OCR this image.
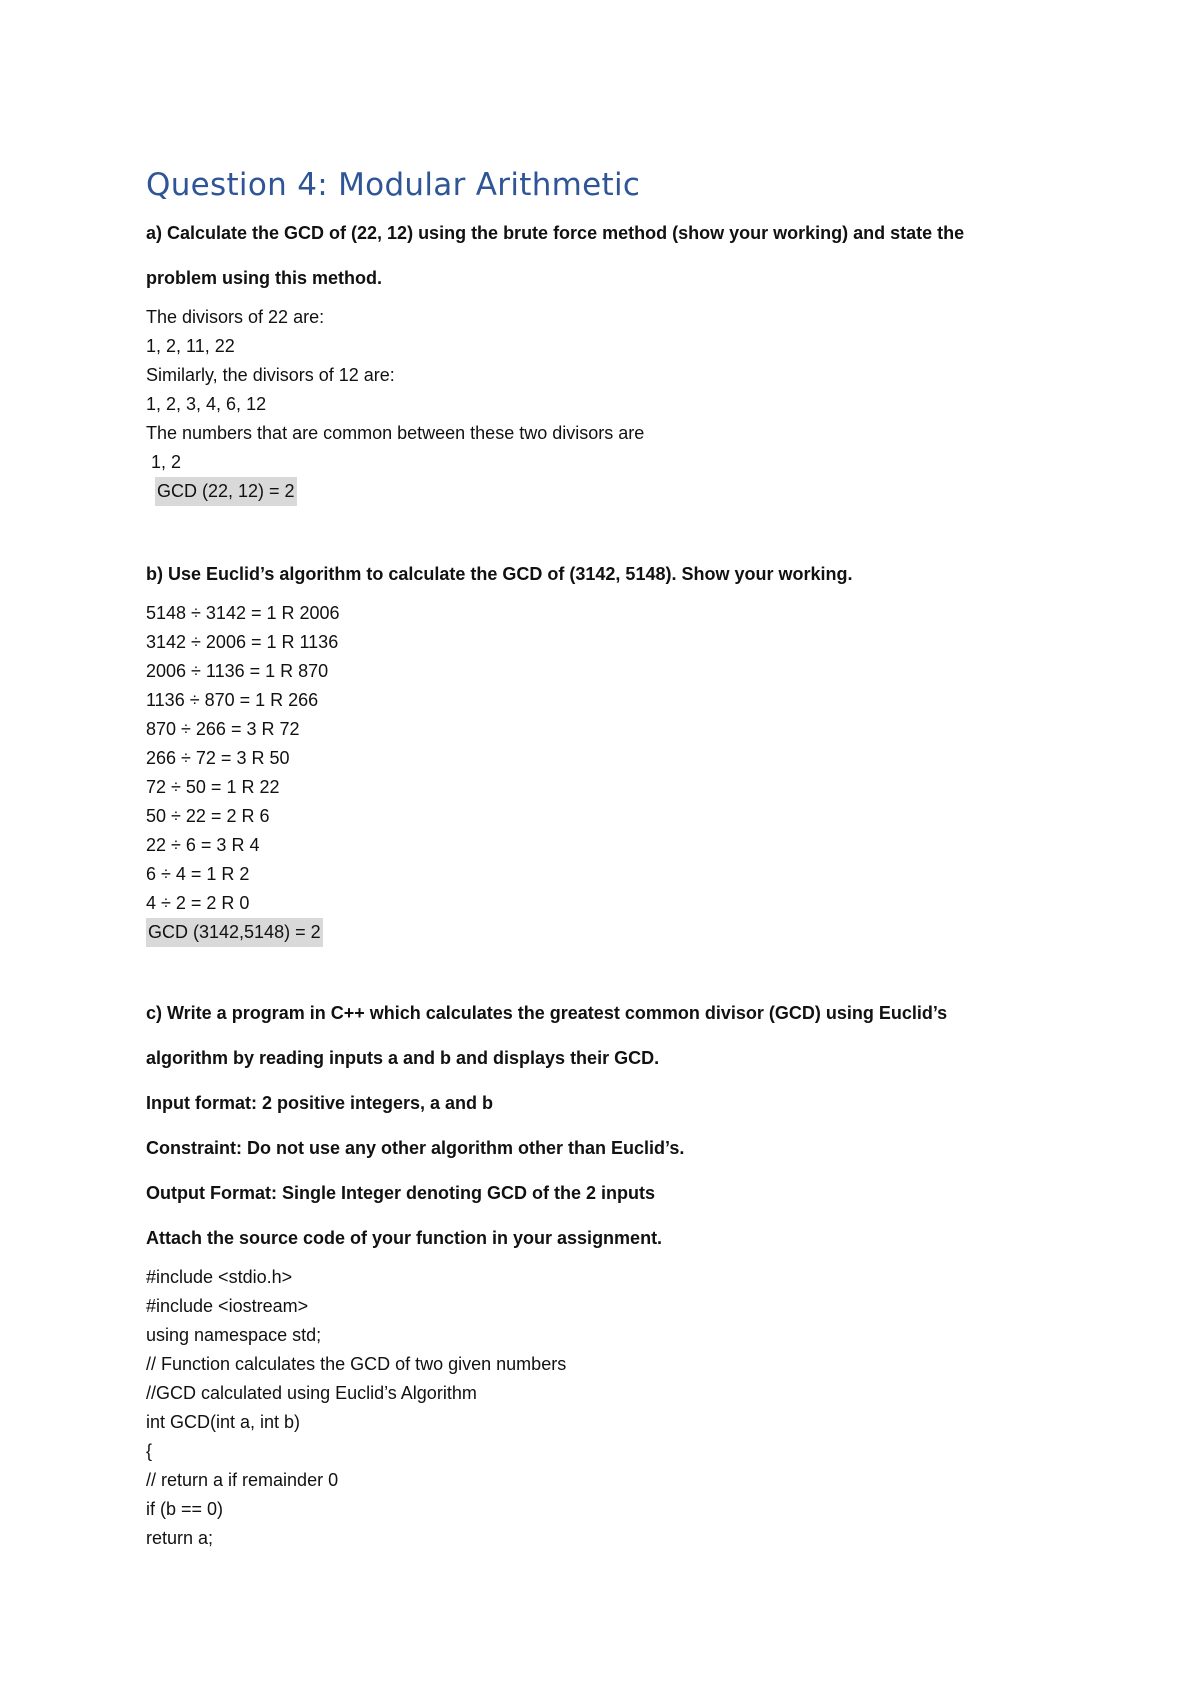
Question 4: Modular Arithmetic

a) Calculate the GCD of (22, 12) using the brute force method (show your working) and state the

problem using this method.

The divisors of 22 are:

1, 2, 11, 22

Similarly, the divisors of 12 are:

1, 2, 3, 4, 6, 12

The numbers that are common between these two divisors are

1, 2

GCD (22, 12) = 2

b) Use Euclid’s algorithm to calculate the GCD of (3142, 5148). Show your working.

5148 ÷ 3142 = 1 R 2006

3142 ÷ 2006 = 1 R 1136

2006 ÷ 1136 = 1 R 870

1136 ÷ 870 = 1 R 266

870 ÷ 266 = 3 R 72

266 ÷ 72 = 3 R 50

72 ÷ 50 = 1 R 22

50 ÷ 22 = 2 R 6

22 ÷ 6 = 3 R 4

6 ÷ 4 = 1 R 2

4 ÷ 2 = 2 R 0

GCD (3142,5148) = 2

c) Write a program in C++ which calculates the greatest common divisor (GCD) using Euclid’s

algorithm by reading inputs a and b and displays their GCD.

Input format: 2 positive integers, a and b

Constraint: Do not use any other algorithm other than Euclid’s.

Output Format: Single Integer denoting GCD of the 2 inputs

Attach the source code of your function in your assignment.

#include <stdio.h>

#include <iostream>

using namespace std;

// Function calculates the GCD of two given numbers

//GCD calculated using Euclid’s Algorithm

int GCD(int a, int b)

{

// return a if remainder 0

if (b == 0)

return a;
